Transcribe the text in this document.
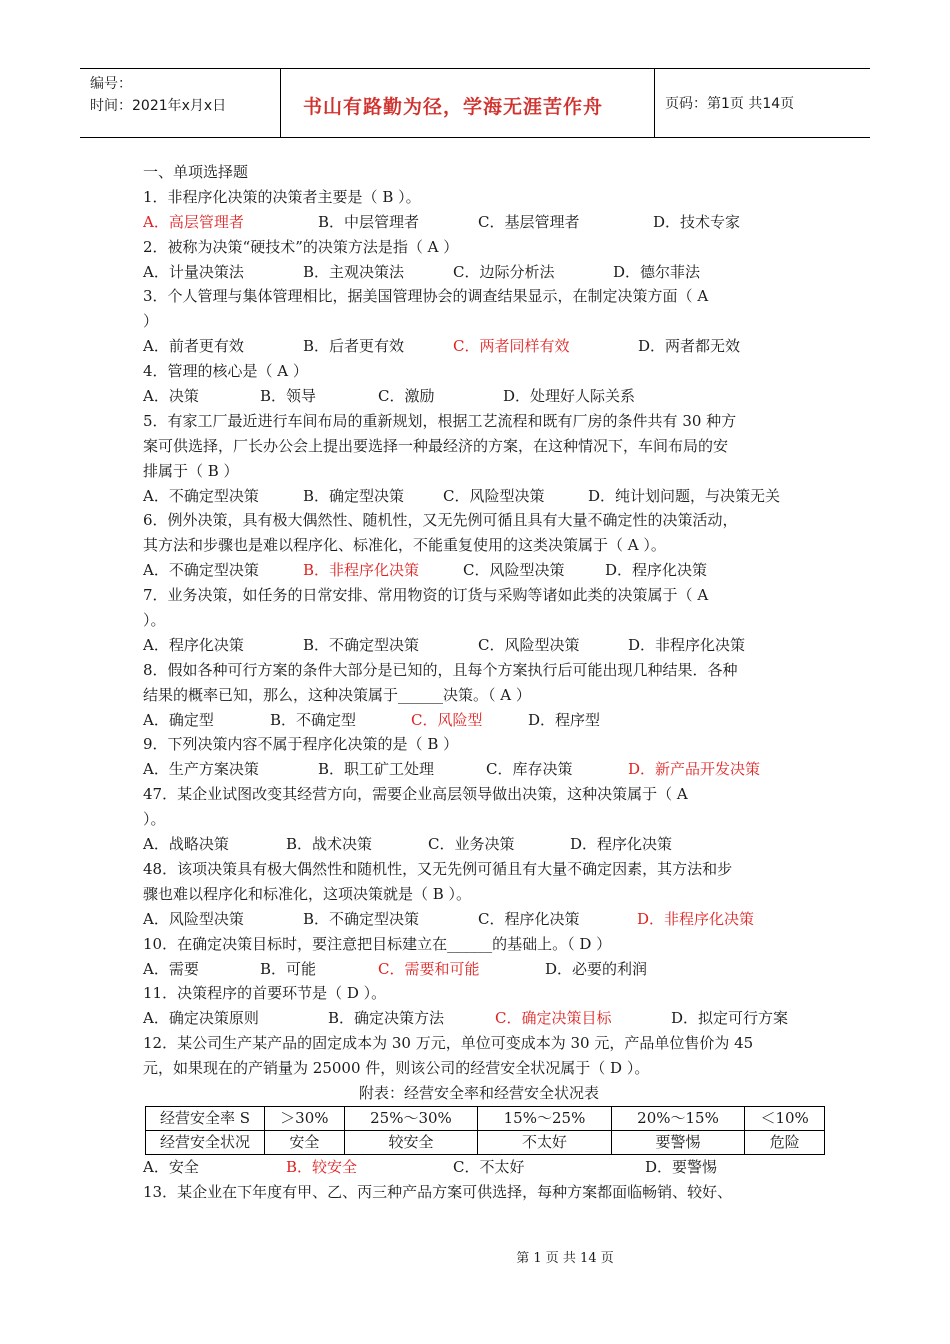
编号：
时间：2021年x月x日	书山有路勤为径，学海无涯苦作舟	页码：第1页 共14页
一、单项选择题
1．非程序化决策的决策者主要是（ B ）。
A．高层管理者	B．中层管理者	C．基层管理者	D．技术专家
2．被称为决策“硬技术”的决策方法是指（ A ）
A．计量决策法	B．主观决策法	C．边际分析法	D．德尔菲法
3．个人管理与集体管理相比，据美国管理协会的调查结果显示，在制定决策方面（ A
）
A．前者更有效	B．后者更有效	C．两者同样有效	D．两者都无效
4．管理的核心是（ A ）
A．决策	B．领导	C．激励	D．处理好人际关系
5．有家工厂最近进行车间布局的重新规划，根据工艺流程和既有厂房的条件共有 30 种方
案可供选择，厂长办公会上提出要选择一种最经济的方案，在这种情况下，车间布局的安
排属于（ B ）
A．不确定型决策	B．确定型决策	C．风险型决策	D．纯计划问题，与决策无关
6．例外决策，具有极大偶然性、随机性，又无先例可循且具有大量不确定性的决策活动，
其方法和步骤也是难以程序化、标准化，不能重复使用的这类决策属于（ A ）。
A．不确定型决策	B．非程序化决策	C．风险型决策	D．程序化决策
7．业务决策，如任务的日常安排、常用物资的订货与采购等诸如此类的决策属于（ A
）。
A．程序化决策	B．不确定型决策	C．风险型决策	D．非程序化决策
8．假如各种可行方案的条件大部分是已知的，且每个方案执行后可能出现几种结果．各种
结果的概率已知，那么，这种决策属于______决策。（ A ）
A．确定型	B．不确定型	C．风险型	D．程序型
9．下列决策内容不属于程序化决策的是（ B ）
A．生产方案决策	B．职工矿工处理	C．库存决策	D．新产品开发决策
47．某企业试图改变其经营方向，需要企业高层领导做出决策，这种决策属于（ A
）。
A．战略决策	B．战术决策	C．业务决策	D．程序化决策
48．该项决策具有极大偶然性和随机性，又无先例可循且有大量不确定因素，其方法和步
骤也难以程序化和标准化，这项决策就是（ B ）。
A．风险型决策	B．不确定型决策	C．程序化决策	D．非程序化决策
10．在确定决策目标时，要注意把目标建立在______的基础上。（ D ）
A．需要	B．可能	C．需要和可能	D．必要的利润
11．决策程序的首要环节是（ D ）。
A．确定决策原则	B．确定决策方法	C．确定决策目标	D．拟定可行方案
12．某公司生产某产品的固定成本为 30 万元，单位可变成本为 30 元，产品单位售价为 45
元，如果现在的产销量为 25000 件，则该公司的经营安全状况属于（ D ）。
附表：经营安全率和经营安全状况表
经营安全率 S	＞30%	25%～30%	15%～25%	20%～15%	＜10%
经营安全状况	安全	较安全	不太好	要警惕	危险
A．安全	B．较安全	C．不太好	D．要警惕
13．某企业在下年度有甲、乙、丙三种产品方案可供选择，每种方案都面临畅销、较好、
第 1 页 共 14 页
